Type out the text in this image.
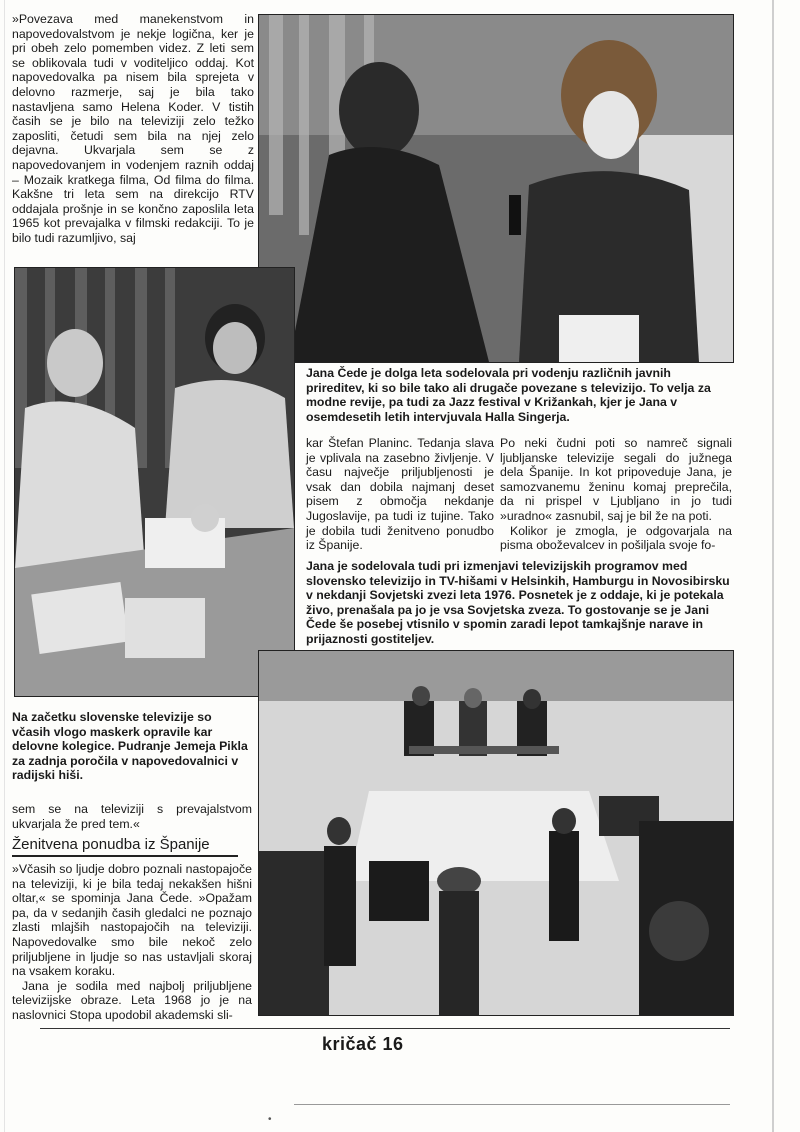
»Povezava med manekenstvom in napovedovalstvom je nekje logična, ker je pri obeh zelo pomemben videz. Z leti sem se oblikovala tudi v voditeljico oddaj. Kot napovedovalka pa nisem bila sprejeta v delovno razmerje, saj je bila tako nastavljena samo Helena Koder. V tistih časih se je bilo na televiziji zelo težko zaposliti, četudi sem bila na njej zelo dejavna. Ukvarjala sem se z napovedovanjem in vodenjem raznih oddaj – Mozaik kratkega filma, Od filma do filma. Kakšne tri leta sem na direkcijo RTV oddajala prošnje in se končno zaposlila leta 1965 kot prevajalka v filmski redakciji. To je bilo tudi razumljivo, saj

Jana Čede je dolga leta sodelovala pri vodenju različnih javnih prireditev, ki so bile tako ali drugače povezane s televizijo. To velja za modne revije, pa tudi za Jazz festival v Križankah, kjer je Jana v osemdesetih letih intervjuvala Halla Singerja.
Na začetku slovenske televizije so včasih vlogo maskerk opravile kar delovne kolegice. Pudranje Jemeja Pikla za zadnja poročila v napovedovalnici v radijski hiši.

sem se na televiziji s prevajalstvom ukvarjala že pred tem.«

Ženitvena ponudba iz Španije

»Včasih so ljudje dobro poznali nastopajoče na televiziji, ki je bila tedaj nekakšen hišni oltar,« se spominja Jana Čede. »Opažam pa, da v sedanjih časih gledalci ne poznajo zlasti mlajših nastopajočih na televiziji. Napovedovalke smo bile nekoč zelo priljubljene in ljudje so nas ustavljali skoraj na vsakem koraku.

Jana je sodila med najbolj priljubljene televizijske obraze. Leta 1968 jo je na naslovnici Stopa upodobil akademski sli-

kar Štefan Planinc. Tedanja slava je vplivala na zasebno življenje. V času največje priljubljenosti je vsak dan dobila najmanj deset pisem z območja nekdanje Jugoslavije, pa tudi iz tujine. Tako je dobila tudi ženitveno ponudbo iz Španije.

Po neki čudni poti so namreč signali ljubljanske televizije segali do južnega dela Španije. In kot pripoveduje Jana, je samozvanemu ženinu komaj preprečila, da ni prispel v Ljubljano in jo tudi »uradno« zasnubil, saj je bil že na poti.

Kolikor je zmogla, je odgovarjala na pisma oboževalcev in pošiljala svoje fo-

Jana je sodelovala tudi pri izmenjavi televizijskih programov med slovensko televizijo in TV-hišami v Helsinkih, Hamburgu in Novosibirsku v nekdanji Sovjetski zvezi leta 1976. Posnetek je z oddaje, ki je potekala živo, prenašala pa jo je vsa Sovjetska zveza. To gostovanje se je Jani Čede še posebej vtisnilo v spomin zaradi lepot tamkajšnje narave in prijaznosti gostiteljev.
kričač 16
•
